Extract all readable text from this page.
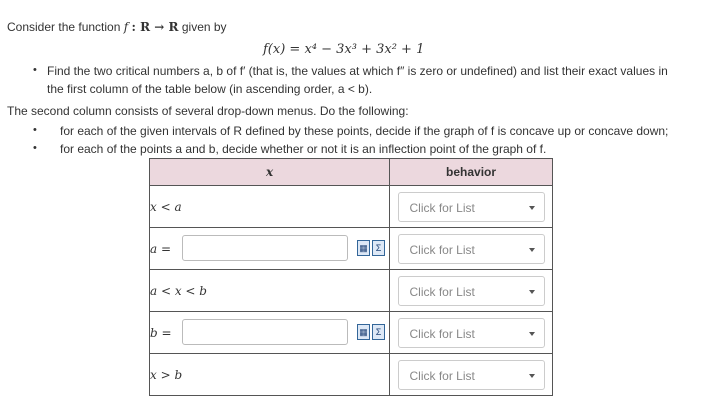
Consider the function f : R → R given by
f(x) = x⁴ − 3x³ + 3x² + 1
• Find the two critical numbers a, b of f′ (that is, the values at which f″ is zero or undefined) and list their exact values in
the first column of the table below (in ascending order, a < b).
The second column consists of several drop-down menus. Do the following:
• for each of the given intervals of R defined by these points, decide if the graph of f is concave up or concave down;
• for each of the points a and b, decide whether or not it is an inflection point of the graph of f.
x	behavior
x < a	Click for List

a = ▦ Σ	Click for List

a < x < b	Click for List

b = ▦ Σ	Click for List

x > b	Click for List
